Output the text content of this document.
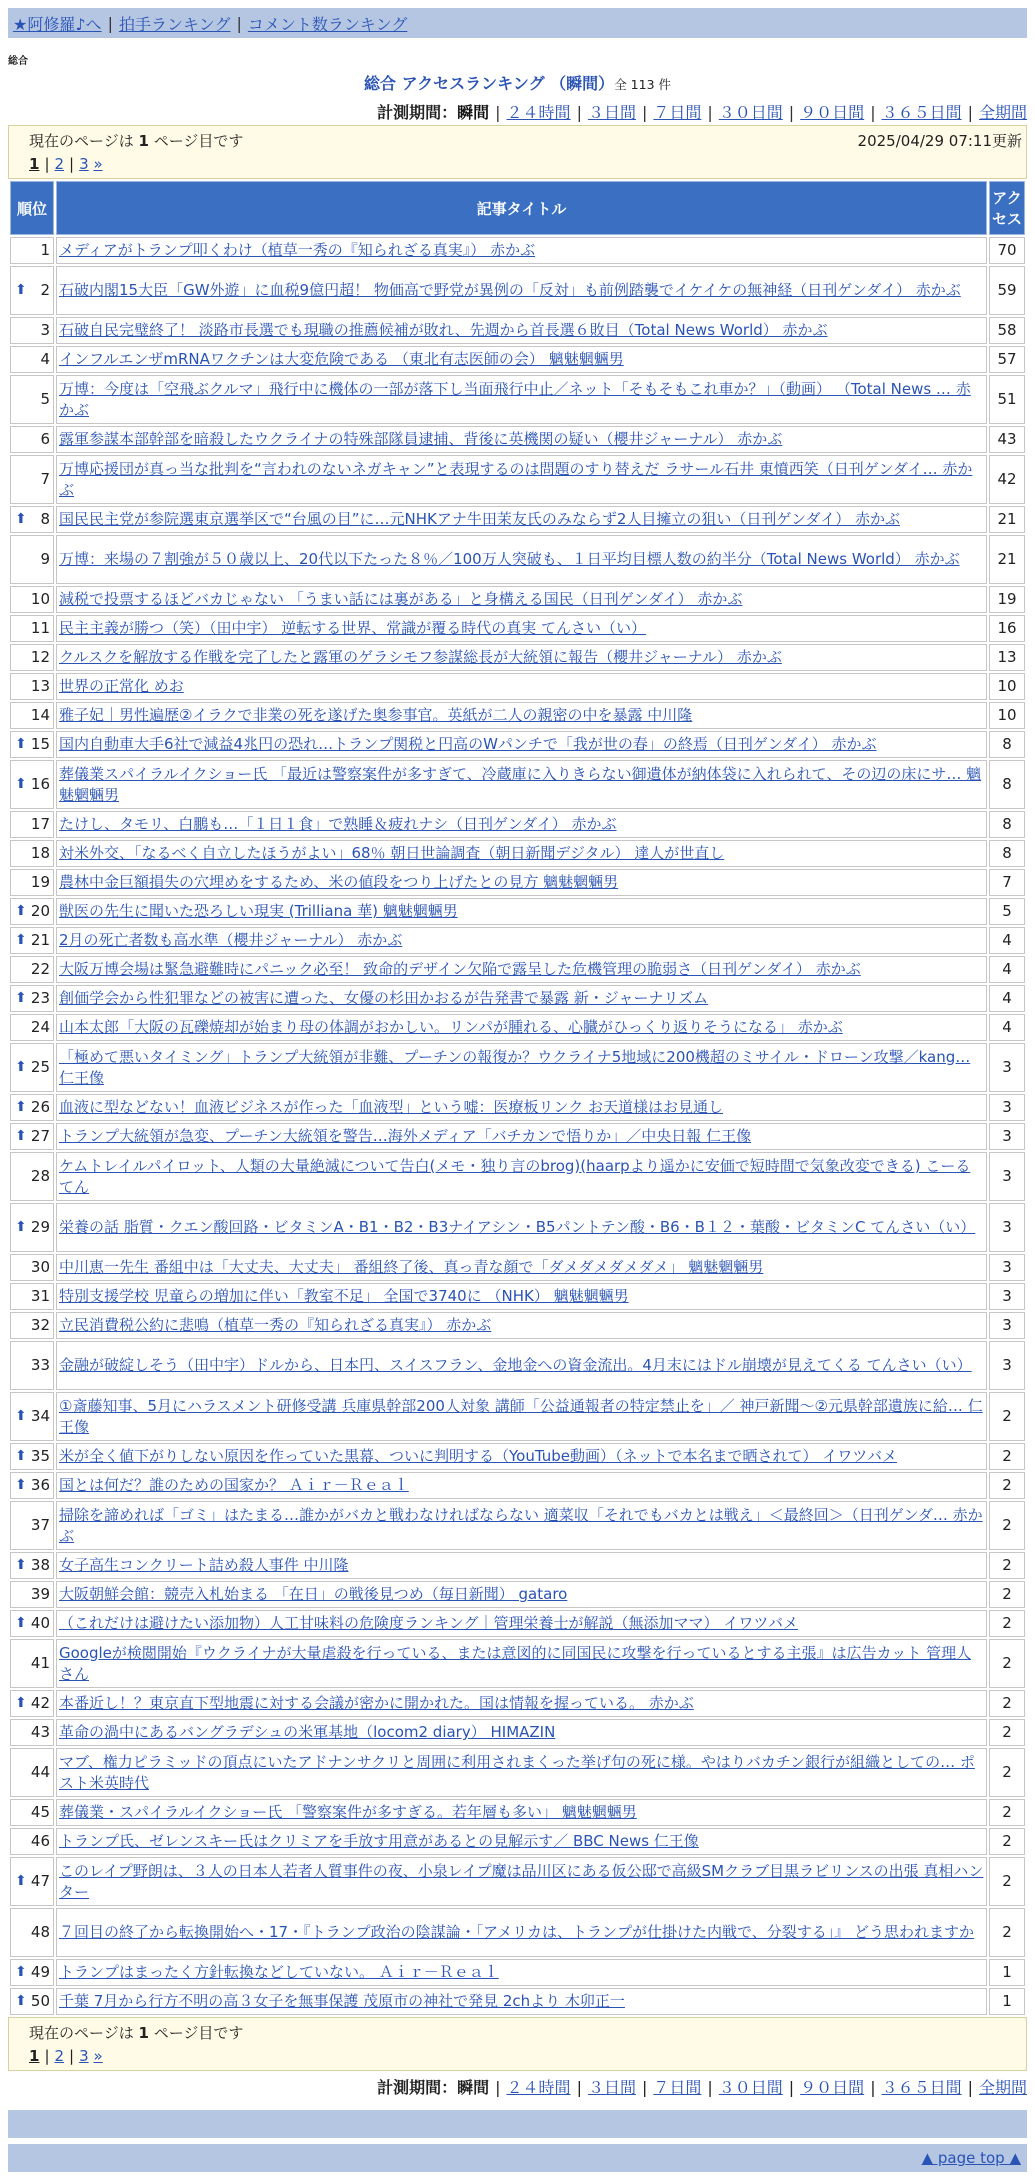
★阿修羅♪へ | 拍手ランキング | コメント数ランキング
総合
総合 アクセスランキング （瞬間）全 113 件
計測期間：瞬間 | ２４時間 | ３日間 | ７日間 | ３０日間 | ９０日間 | ３６５日間 | 全期間
現在のページは 1 ページ目です	2025/04/29 07:11更新
1 | 2 | 3 »
順位	記事タイトル	アクセス
1	メディアがトランプ叩くわけ（植草一秀の『知られざる真実』） 赤かぶ	70

⬆ 2	石破内閣15大臣「GW外遊」に血税9億円超！ 物価高で野党が異例の「反対」も前例踏襲でイケイケの無神経（日刊ゲンダイ） 赤かぶ	59
3	石破自民完璧終了！ 淡路市長選でも現職の推薦候補が敗れ、先週から首長選６敗目（Total News World） 赤かぶ	58
4	インフルエンザmRNAワクチンは大変危険である （東北有志医師の会） 魑魅魍魎男	57
5	万博：今度は「空飛ぶクルマ」飛行中に機体の一部が落下し当面飛行中止／ネット「そもそもこれ車か？」（動画） （Total News … 赤かぶ	51
6	露軍参謀本部幹部を暗殺したウクライナの特殊部隊員逮捕、背後に英機関の疑い（櫻井ジャーナル） 赤かぶ	43
7	万博応援団が真っ当な批判を“言われのないネガキャン”と表現するのは問題のすり替えだ ラサール石井 東憤西笑（日刊ゲンダイ… 赤かぶ	42

⬆ 8	国民民主党が参院選東京選挙区で“台風の目”に…元NHKアナ牛田茉友氏のみならず2人目擁立の狙い（日刊ゲンダイ） 赤かぶ	21
9	万博：来場の７割強が５０歳以上、20代以下たった８％／100万人突破も、１日平均目標人数の約半分（Total News World） 赤かぶ	21
10	減税で投票するほどバカじゃない 「うまい話には裏がある」と身構える国民（日刊ゲンダイ） 赤かぶ	19
11	民主主義が勝つ（笑）（田中宇） 逆転する世界、常識が覆る時代の真実 てんさい（い）	16
12	クルスクを解放する作戦を完了したと露軍のゲラシモフ参謀総長が大統領に報告（櫻井ジャーナル） 赤かぶ	13
13	世界の正常化 めお	10
14	雅子妃｜男性遍歴②イラクで非業の死を遂げた奥参事官。英紙が二人の親密の中を暴露 中川隆	10

⬆ 15	国内自動車大手6社で減益4兆円の恐れ…トランプ関税と円高のWパンチで「我が世の春」の終焉（日刊ゲンダイ） 赤かぶ	8

⬆ 16	葬儀業スパイラルイクショー氏 「最近は警察案件が多すぎて、冷蔵庫に入りきらない御遺体が納体袋に入れられて、その辺の床にサ… 魑魅魍魎男	8
17	たけし、タモリ、白鵬も…「１日１食」で熟睡＆疲れナシ（日刊ゲンダイ） 赤かぶ	8
18	対米外交、「なるべく自立したほうがよい」68％ 朝日世論調査（朝日新聞デジタル） 達人が世直し	8
19	農林中金巨額損失の穴埋めをするため、米の値段をつり上げたとの見方 魑魅魍魎男	7

⬆ 20	獣医の先生に聞いた恐ろしい現実 (Trilliana 華) 魑魅魍魎男	5

⬆ 21	2月の死亡者数も高水準（櫻井ジャーナル） 赤かぶ	4
22	大阪万博会場は緊急避難時にパニック必至！ 致命的デザイン欠陥で露呈した危機管理の脆弱さ（日刊ゲンダイ） 赤かぶ	4

⬆ 23	創価学会から性犯罪などの被害に遭った、女優の杉田かおるが告発書で暴露 新・ジャーナリズム	4
24	山本太郎「大阪の瓦礫焼却が始まり母の体調がおかしい。リンパが腫れる、心臓がひっくり返りそうになる」 赤かぶ	4

⬆ 25	「極めて悪いタイミング」トランプ大統領が非難、プーチンの報復か？ウクライナ5地域に200機超のミサイル・ドローン攻撃／kang… 仁王像	3

⬆ 26	血液に型などない！血液ビジネスが作った「血液型」という嘘：医療板リンク お天道様はお見通し	3

⬆ 27	トランプ大統領が急変、プーチン大統領を警告…海外メディア「バチカンで悟りか」／中央日報 仁王像	3
28	ケムトレイルパイロット、人類の大量絶滅について告白(メモ・独り言のbrog)(haarpより遥かに安価で短時間で気象改変できる) こーるてん	3

⬆ 29	栄養の話 脂質・クエン酸回路・ビタミンA・B1・B2・B3ナイアシン・B5パントテン酸・B6・B１２・葉酸・ビタミンC てんさい（い）	3
30	中川恵一先生 番組中は「大丈夫、大丈夫」 番組終了後、真っ青な顔で「ダメダメダメダメ」 魑魅魍魎男	3
31	特別支援学校 児童らの増加に伴い「教室不足」 全国で3740に （NHK） 魑魅魍魎男	3
32	立民消費税公約に悲鳴（植草一秀の『知られざる真実』） 赤かぶ	3
33	金融が破綻しそう（田中宇）ドルから、日本円、スイスフラン、金地金への資金流出。4月末にはドル崩壊が見えてくる てんさい（い）	3

⬆ 34	①斎藤知事、5月にハラスメント研修受講 兵庫県幹部200人対象 講師「公益通報者の特定禁止を」／ 神戸新聞～②元県幹部遺族に給… 仁王像	2

⬆ 35	米が全く値下がりしない原因を作っていた黒幕、ついに判明する（YouTube動画）（ネットで本名まで晒されて） イワツバメ	2

⬆ 36	国とは何だ？誰のための国家か？ Ａｉｒ－Ｒｅａｌ	2
37	掃除を諦めれば「ゴミ」はたまる…誰かがバカと戦わなければならない 適菜収「それでもバカとは戦え」＜最終回＞（日刊ゲンダ… 赤かぶ	2

⬆ 38	女子高生コンクリート詰め殺人事件 中川隆	2
39	大阪朝鮮会館：競売入札始まる 「在日」の戦後見つめ（毎日新聞） gataro	2

⬆ 40	（これだけは避けたい添加物）人工甘味料の危険度ランキング｜管理栄養士が解説（無添加ママ） イワツバメ	2
41	Googleが検閲開始『ウクライナが大量虐殺を行っている、または意図的に同国民に攻撃を行っているとする主張』は広告カット 管理人さん	2

⬆ 42	本番近し！？東京直下型地震に対する会議が密かに開かれた。国は情報を握っている。 赤かぶ	2
43	革命の渦中にあるバングラデシュの米軍基地（locom2 diary） HIMAZIN	2
44	マブ、権力ピラミッドの頂点にいたアドナンサクリと周囲に利用されまくった挙げ句の死に様。やはりバカチン銀行が組織としての… ポスト米英時代	2
45	葬儀業・スパイラルイクショー氏 「警察案件が多すぎる。若年層も多い」 魑魅魍魎男	2
46	トランプ氏、ゼレンスキー氏はクリミアを手放す用意があるとの見解示す／ BBC News 仁王像	2

⬆ 47	このレイプ野朗は、３人の日本人若者人質事件の夜、小泉レイプ魔は品川区にある仮公邸で高級SMクラブ目黒ラビリンスの出張 真相ハンター	2
48	７回目の終了から転換開始へ・17・『トランプ政治の陰謀論・「アメリカは、トランプが仕掛けた内戦で、分裂する」』 どう思われますか	2

⬆ 49	トランプはまったく方針転換などしていない。 Ａｉｒ－Ｒｅａｌ	1

⬆ 50	千葉 7月から行方不明の高３女子を無事保護 茂原市の神社で発見 2chより 木卯正一	1
現在のページは 1 ページ目です
1 | 2 | 3 »
計測期間：瞬間 | ２４時間 | ３日間 | ７日間 | ３０日間 | ９０日間 | ３６５日間 | 全期間
▲ page top ▲
